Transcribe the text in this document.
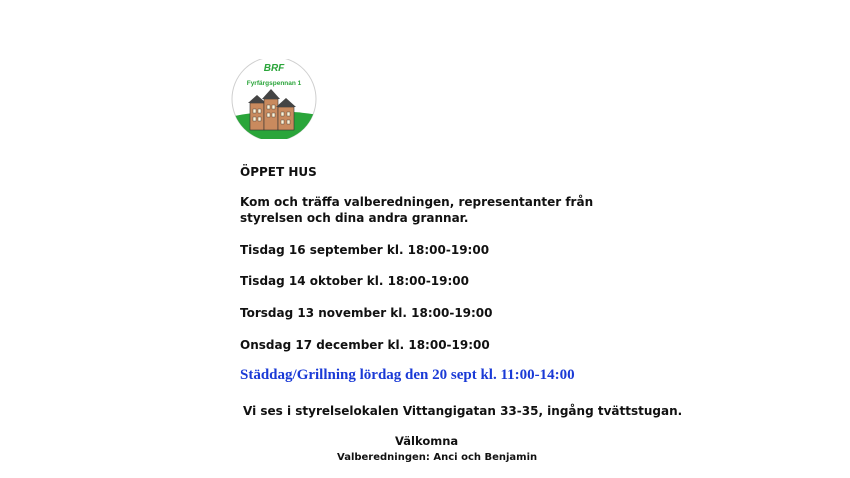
BRF
Fyrfärgspennan 1
ÖPPET HUS
Kom och träffa valberedningen, representanter från styrelsen och dina andra grannar.
Tisdag 16 september kl. 18:00-19:00
Tisdag 14 oktober kl. 18:00-19:00
Torsdag 13 november kl. 18:00-19:00
Onsdag 17 december kl. 18:00-19:00
Städdag/Grillning lördag den 20 sept kl. 11:00-14:00
Vi ses i styrelselokalen Vittangigatan 33-35, ingång tvättstugan.
Välkomna
Valberedningen: Anci och Benjamin
